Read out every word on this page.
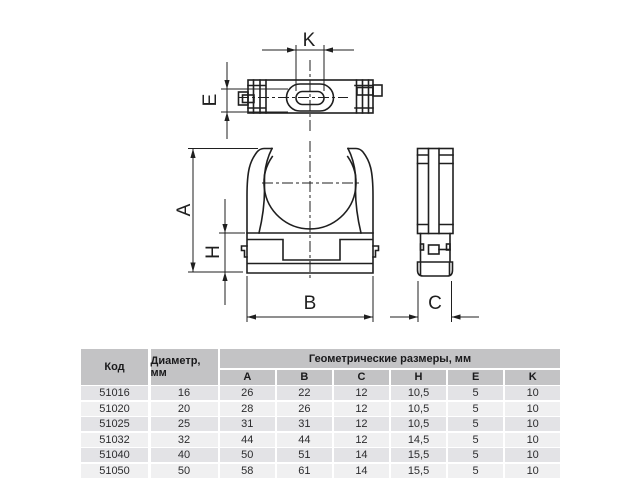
K
E
A
H
B	C
Код	Диаметр, мм
Геометрические размеры, мм
A	B	C	H	E	K
51016	16	26	22	12	10,5	5	10
51020	20	28	26	12	10,5	5	10
51025	25	31	31	12	10,5	5	10
51032	32	44	44	12	14,5	5	10
51040	40	50	51	14	15,5	5	10
51050	50	58	61	14	15,5	5	10
